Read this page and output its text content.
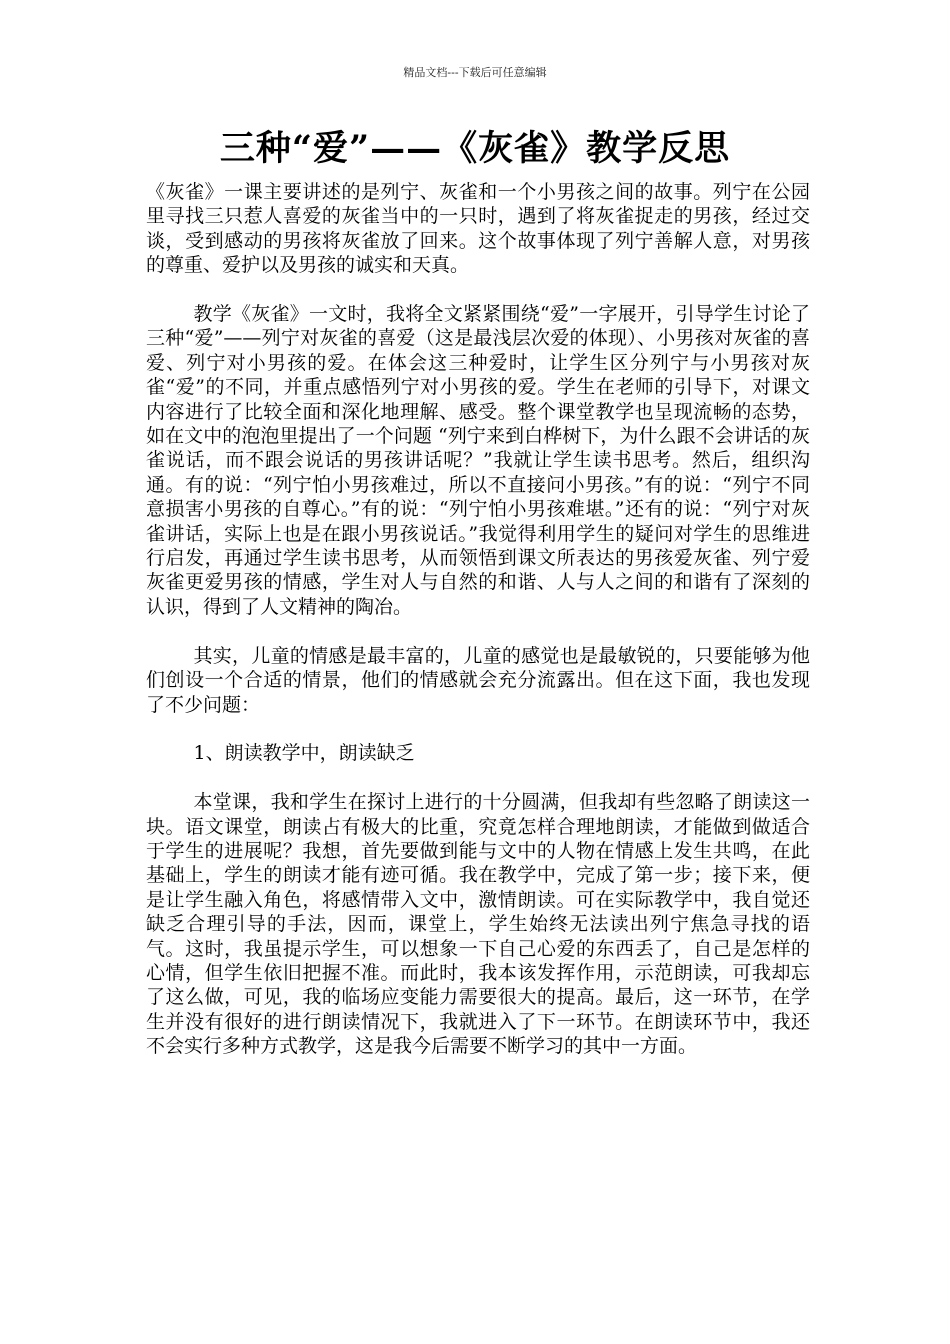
精品文档---下载后可任意编辑
三种“爱”——《灰雀》教学反思

《灰雀》一课主要讲述的是列宁、灰雀和一个小男孩之间的故事。列宁在公园里寻找三只惹人喜爱的灰雀当中的一只时，遇到了将灰雀捉走的男孩，经过交谈，受到感动的男孩将灰雀放了回来。这个故事体现了列宁善解人意，对男孩的尊重、爱护以及男孩的诚实和天真。

教学《灰雀》一文时，我将全文紧紧围绕“爱”一字展开，引导学生讨论了三种“爱”——列宁对灰雀的喜爱（这是最浅层次爱的体现）、小男孩对灰雀的喜爱、列宁对小男孩的爱。在体会这三种爱时，让学生区分列宁与小男孩对灰雀“爱”的不同，并重点感悟列宁对小男孩的爱。学生在老师的引导下，对课文内容进行了比较全面和深化地理解、感受。整个课堂教学也呈现流畅的态势，如在文中的泡泡里提出了一个问题 “列宁来到白桦树下，为什么跟不会讲话的灰雀说话，而不跟会说话的男孩讲话呢？”我就让学生读书思考。然后，组织沟通。有的说：“列宁怕小男孩难过，所以不直接问小男孩。”有的说：“列宁不同意损害小男孩的自尊心。”有的说：“列宁怕小男孩难堪。”还有的说：“列宁对灰雀讲话，实际上也是在跟小男孩说话。”我觉得利用学生的疑问对学生的思维进行启发，再通过学生读书思考，从而领悟到课文所表达的男孩爱灰雀、列宁爱灰雀更爱男孩的情感，学生对人与自然的和谐、人与人之间的和谐有了深刻的认识，得到了人文精神的陶冶。

其实，儿童的情感是最丰富的，儿童的感觉也是最敏锐的，只要能够为他们创设一个合适的情景，他们的情感就会充分流露出。但在这下面，我也发现了不少问题：

1、朗读教学中，朗读缺乏

本堂课，我和学生在探讨上进行的十分圆满，但我却有些忽略了朗读这一块。语文课堂，朗读占有极大的比重，究竟怎样合理地朗读，才能做到做适合于学生的进展呢？我想，首先要做到能与文中的人物在情感上发生共鸣，在此基础上，学生的朗读才能有迹可循。我在教学中，完成了第一步；接下来，便是让学生融入角色，将感情带入文中，激情朗读。可在实际教学中，我自觉还缺乏合理引导的手法，因而，课堂上，学生始终无法读出列宁焦急寻找的语气。这时，我虽提示学生，可以想象一下自己心爱的东西丢了，自己是怎样的心情，但学生依旧把握不准。而此时，我本该发挥作用，示范朗读，可我却忘了这么做，可见，我的临场应变能力需要很大的提高。最后，这一环节，在学生并没有很好的进行朗读情况下，我就进入了下一环节。在朗读环节中，我还不会实行多种方式教学，这是我今后需要不断学习的其中一方面。
